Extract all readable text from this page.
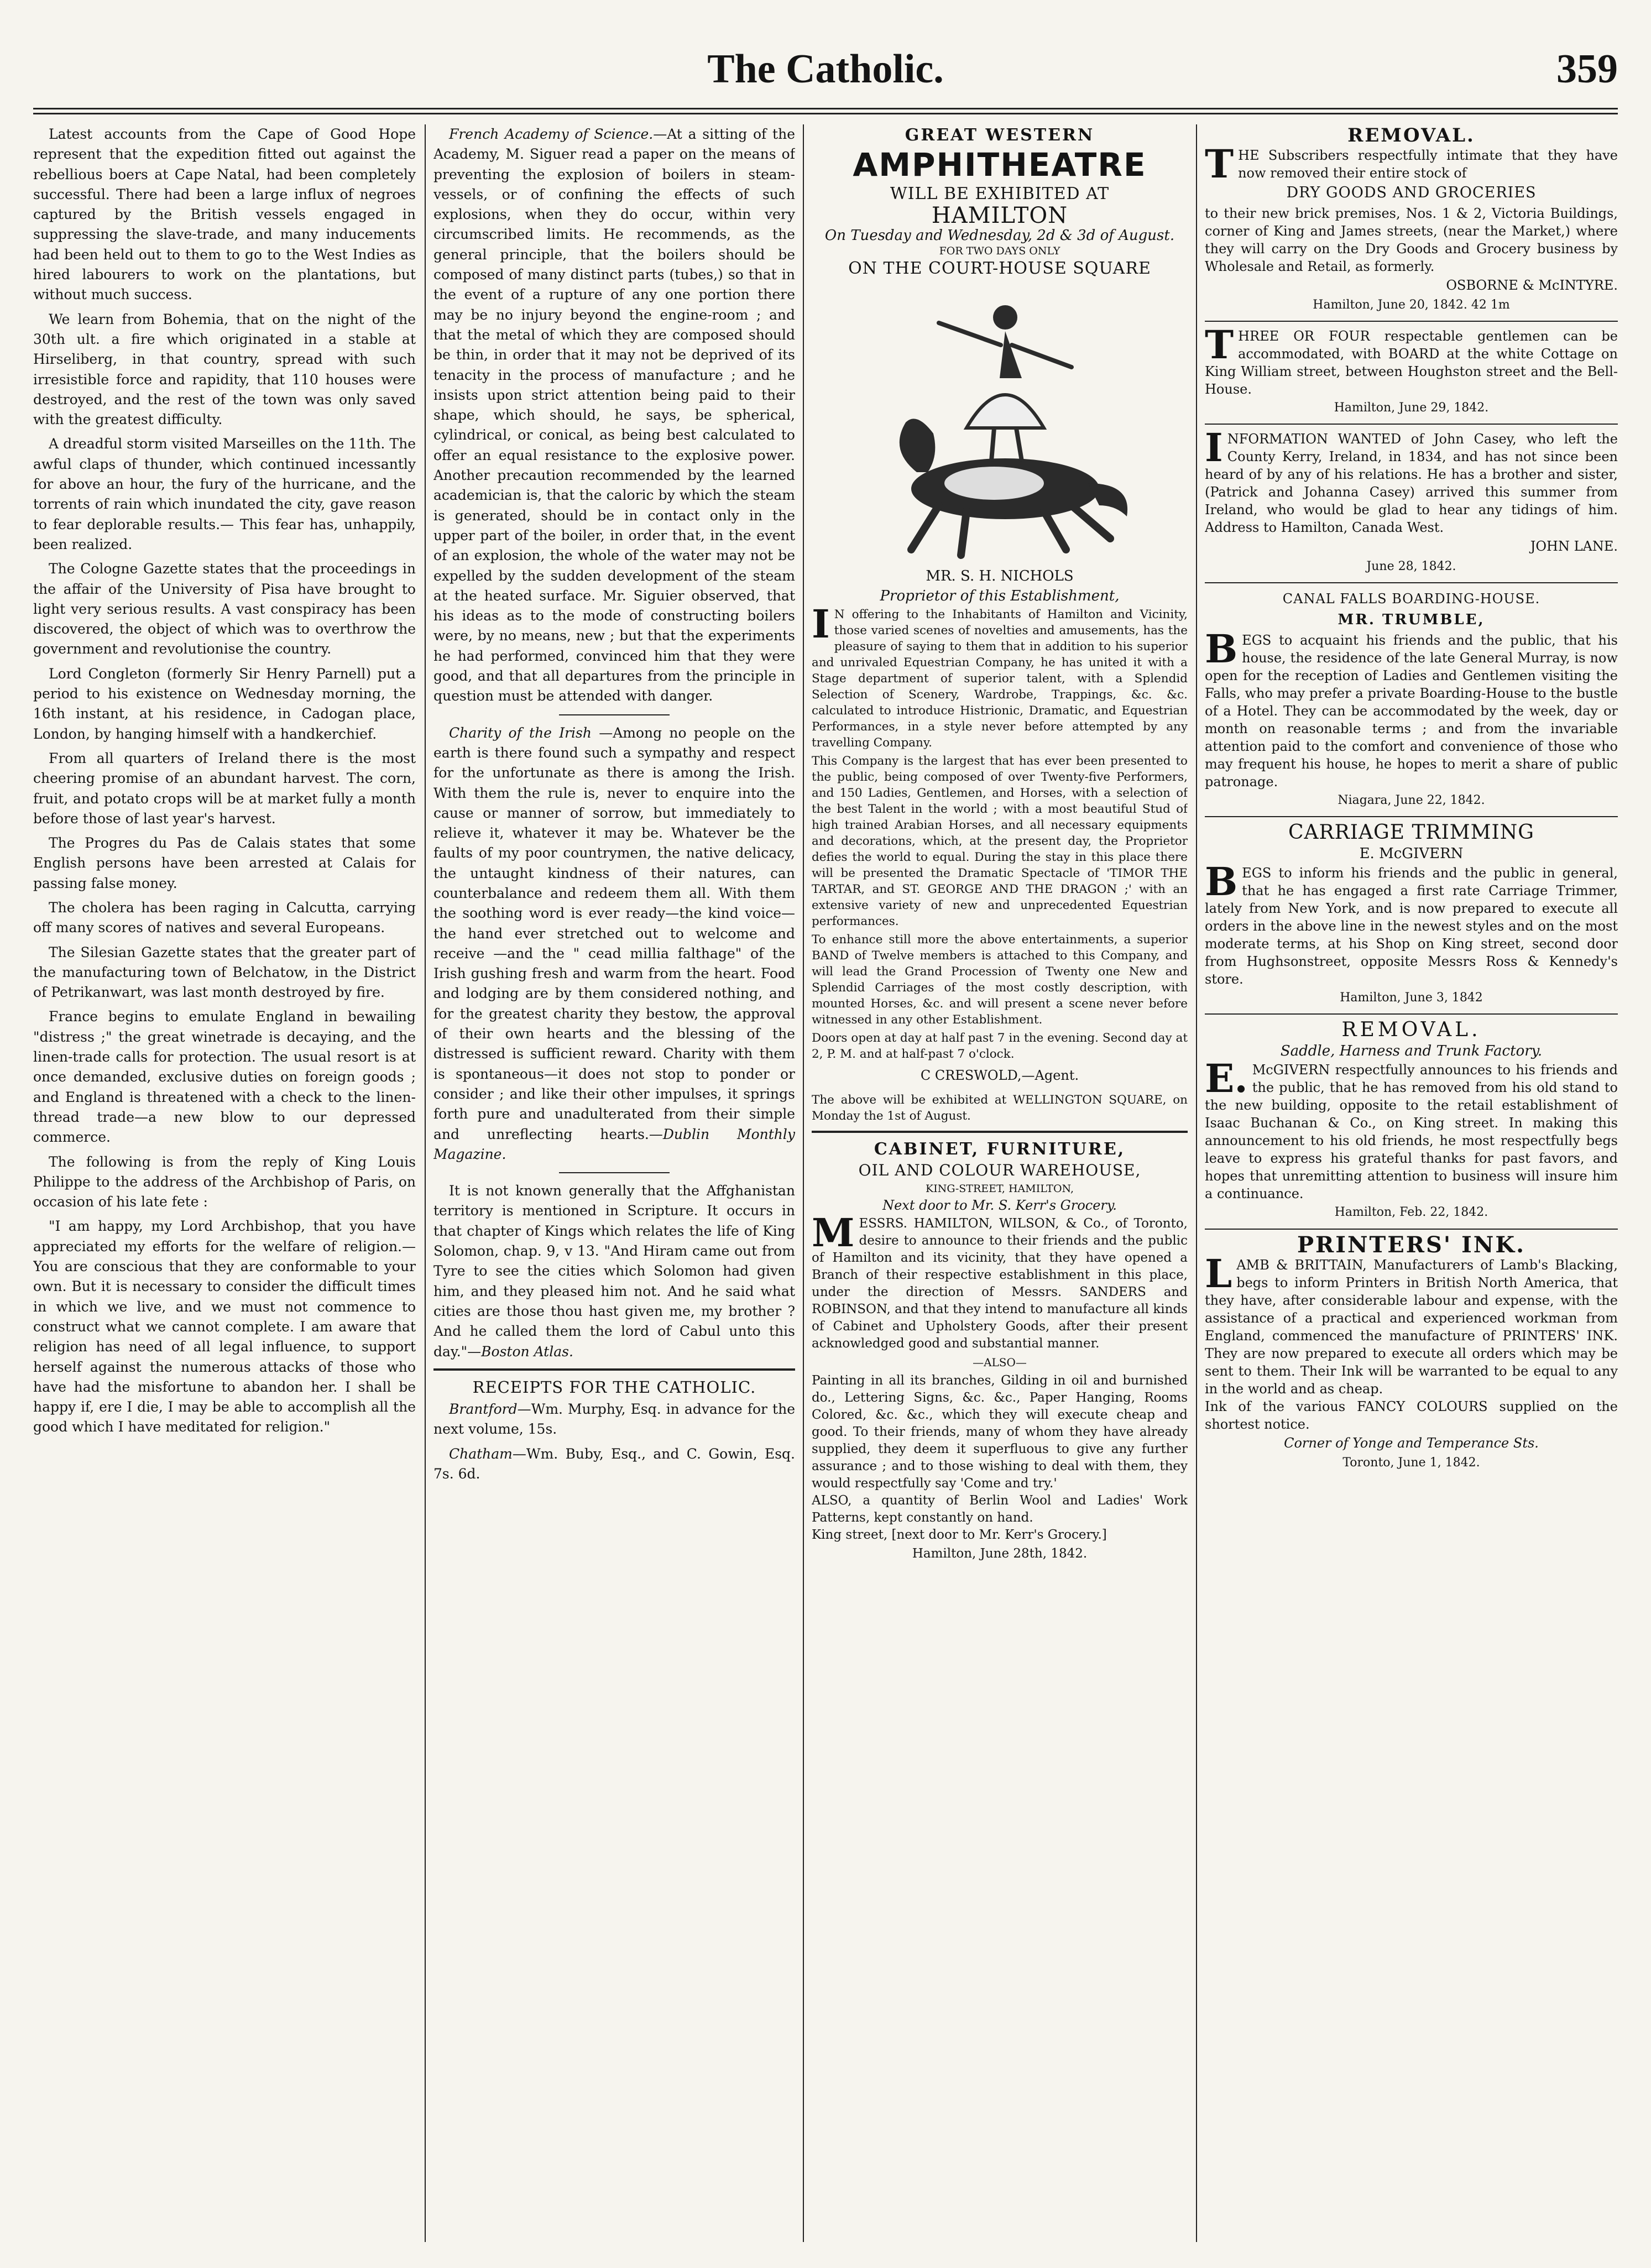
The Catholic.	359

Latest accounts from the Cape of Good Hope represent that the expedition fitted out against the rebellious boers at Cape Natal, had been completely successful. There had been a large influx of negroes captured by the British vessels engaged in suppressing the slave-trade, and many inducements had been held out to them to go to the West Indies as hired labourers to work on the plantations, but without much success.

We learn from Bohemia, that on the night of the 30th ult. a fire which originated in a stable at Hirseliberg, in that country, spread with such irresistible force and rapidity, that 110 houses were destroyed, and the rest of the town was only saved with the greatest difficulty.

A dreadful storm visited Marseilles on the 11th. The awful claps of thunder, which continued incessantly for above an hour, the fury of the hurricane, and the torrents of rain which inundated the city, gave reason to fear deplorable results.— This fear has, unhappily, been realized.

The Cologne Gazette states that the proceedings in the affair of the University of Pisa have brought to light very serious results. A vast conspiracy has been discovered, the object of which was to overthrow the government and revolutionise the country.

Lord Congleton (formerly Sir Henry Parnell) put a period to his existence on Wednesday morning, the 16th instant, at his residence, in Cadogan place, London, by hanging himself with a handkerchief.

From all quarters of Ireland there is the most cheering promise of an abundant harvest. The corn, fruit, and potato crops will be at market fully a month before those of last year's harvest.

The Progres du Pas de Calais states that some English persons have been arrested at Calais for passing false money.

The cholera has been raging in Calcutta, carrying off many scores of natives and several Europeans.

The Silesian Gazette states that the greater part of the manufacturing town of Belchatow, in the District of Petrikanwart, was last month destroyed by fire.

France begins to emulate England in bewailing "distress ;" the great winetrade is decaying, and the linen-trade calls for protection. The usual resort is at once demanded, exclusive duties on foreign goods ; and England is threatened with a check to the linen-thread trade—a new blow to our depressed commerce.

The following is from the reply of King Louis Philippe to the address of the Archbishop of Paris, on occasion of his late fete :

"I am happy, my Lord Archbishop, that you have appreciated my efforts for the welfare of religion.—You are conscious that they are conformable to your own. But it is necessary to consider the difficult times in which we live, and we must not commence to construct what we cannot complete. I am aware that religion has need of all legal influence, to support herself against the numerous attacks of those who have had the misfortune to abandon her. I shall be happy if, ere I die, I may be able to accomplish all the good which I have meditated for religion."

French Academy of Science.—At a sitting of the Academy, M. Siguer read a paper on the means of preventing the explosion of boilers in steam-vessels, or of confining the effects of such explosions, when they do occur, within very circumscribed limits. He recommends, as the general principle, that the boilers should be composed of many distinct parts (tubes,) so that in the event of a rupture of any one portion there may be no injury beyond the engine-room ; and that the metal of which they are composed should be thin, in order that it may not be deprived of its tenacity in the process of manufacture ; and he insists upon strict attention being paid to their shape, which should, he says, be spherical, cylindrical, or conical, as being best calculated to offer an equal resistance to the explosive power. Another precaution recommended by the learned academician is, that the caloric by which the steam is generated, should be in contact only in the upper part of the boiler, in order that, in the event of an explosion, the whole of the water may not be expelled by the sudden development of the steam at the heated surface. Mr. Siguier observed, that his ideas as to the mode of constructing boilers were, by no means, new ; but that the experiments he had performed, convinced him that they were good, and that all departures from the principle in question must be attended with danger.

Charity of the Irish —Among no people on the earth is there found such a sympathy and respect for the unfortunate as there is among the Irish. With them the rule is, never to enquire into the cause or manner of sorrow, but immediately to relieve it, whatever it may be. Whatever be the faults of my poor countrymen, the native delicacy, the untaught kindness of their natures, can counterbalance and redeem them all. With them the soothing word is ever ready—the kind voice—the hand ever stretched out to welcome and receive —and the " cead millia falthage" of the Irish gushing fresh and warm from the heart. Food and lodging are by them considered nothing, and for the greatest charity they bestow, the approval of their own hearts and the blessing of the distressed is sufficient reward. Charity with them is spontaneous—it does not stop to ponder or consider ; and like their other impulses, it springs forth pure and unadulterated from their simple and unreflecting hearts.—Dublin Monthly Magazine.

It is not known generally that the Affghanistan territory is mentioned in Scripture. It occurs in that chapter of Kings which relates the life of King Solomon, chap. 9, v 13. "And Hiram came out from Tyre to see the cities which Solomon had given him, and they pleased him not. And he said what cities are those thou hast given me, my brother ? And he called them the lord of Cabul unto this day."—Boston Atlas.

RECEIPTS FOR THE CATHOLIC.

Brantford—Wm. Murphy, Esq. in advance for the next volume, 15s.

Chatham—Wm. Buby, Esq., and C. Gowin, Esq. 7s. 6d.

GREAT WESTERN
AMPHITHEATRE
WILL BE EXHIBITED AT
HAMILTON
On Tuesday and Wednesday, 2d & 3d of August.
FOR TWO DAYS ONLY
ON THE COURT-HOUSE SQUARE
MR. S. H. NICHOLS
Proprietor of this Establishment,
I N offering to the Inhabitants of Hamilton and Vicinity, those varied scenes of novelties and amusements, has the pleasure of saying to them that in addition to his superior and unrivaled Equestrian Company, he has united it with a Stage department of superior talent, with a Splendid Selection of Scenery, Wardrobe, Trappings, &c. &c. calculated to introduce Histrionic, Dramatic, and Equestrian Performances, in a style never before attempted by any travelling Company.
This Company is the largest that has ever been presented to the public, being composed of over Twenty-five Performers, and 150 Ladies, Gentlemen, and Horses, with a selection of the best Talent in the world ; with a most beautiful Stud of high trained Arabian Horses, and all necessary equipments and decorations, which, at the present day, the Proprietor defies the world to equal. During the stay in this place there will be presented the Dramatic Spectacle of 'TIMOR THE TARTAR, and ST. GEORGE AND THE DRAGON ;' with an extensive variety of new and unprecedented Equestrian performances.
To enhance still more the above entertainments, a superior BAND of Twelve members is attached to this Company, and will lead the Grand Procession of Twenty one New and Splendid Carriages of the most costly description, with mounted Horses, &c. and will present a scene never before witnessed in any other Establishment.
Doors open at day at half past 7 in the evening. Second day at 2, P. M. and at half-past 7 o'clock.
C CRESWOLD,—Agent.
The above will be exhibited at WELLINGTON SQUARE, on Monday the 1st of August.
CABINET, FURNITURE,
OIL AND COLOUR WAREHOUSE,
KING-STREET, HAMILTON,
Next door to Mr. S. Kerr's Grocery.
MESSRS. HAMILTON, WILSON, & Co., of Toronto, desire to announce to their friends and the public of Hamilton and its vicinity, that they have opened a Branch of their respective establishment in this place, under the direction of Messrs. SANDERS and ROBINSON, and that they intend to manufacture all kinds of Cabinet and Upholstery Goods, after their present acknowledged good and substantial manner.
—ALSO—
Painting in all its branches, Gilding in oil and burnished do., Lettering Signs, &c. &c., Paper Hanging, Rooms Colored, &c. &c., which they will execute cheap and good. To their friends, many of whom they have already supplied, they deem it superfluous to give any further assurance ; and to those wishing to deal with them, they would respectfully say 'Come and try.'
ALSO, a quantity of Berlin Wool and Ladies' Work Patterns, kept constantly on hand.
King street, [next door to Mr. Kerr's Grocery.]
Hamilton, June 28th, 1842.
REMOVAL.
THE Subscribers respectfully intimate that they have now removed their entire stock of
DRY GOODS AND GROCERIES
to their new brick premises, Nos. 1 & 2, Victoria Buildings, corner of King and James streets, (near the Market,) where they will carry on the Dry Goods and Grocery business by Wholesale and Retail, as formerly.
OSBORNE & McINTYRE.
Hamilton, June 20, 1842. 42 1m
THREE OR FOUR respectable gentlemen can be accommodated, with BOARD at the white Cottage on King William street, between Houghston street and the Bell-House.
Hamilton, June 29, 1842.
INFORMATION WANTED of John Casey, who left the County Kerry, Ireland, in 1834, and has not since been heard of by any of his relations. He has a brother and sister, (Patrick and Johanna Casey) arrived this summer from Ireland, who would be glad to hear any tidings of him. Address to Hamilton, Canada West.
JOHN LANE.
June 28, 1842.
CANAL FALLS BOARDING-HOUSE.
MR. TRUMBLE,
BEGS to acquaint his friends and the public, that his house, the residence of the late General Murray, is now open for the reception of Ladies and Gentlemen visiting the Falls, who may prefer a private Boarding-House to the bustle of a Hotel. They can be accommodated by the week, day or month on reasonable terms ; and from the invariable attention paid to the comfort and convenience of those who may frequent his house, he hopes to merit a share of public patronage.
Niagara, June 22, 1842.
CARRIAGE TRIMMING
E. McGIVERN
BEGS to inform his friends and the public in general, that he has engaged a first rate Carriage Trimmer, lately from New York, and is now prepared to execute all orders in the above line in the newest styles and on the most moderate terms, at his Shop on King street, second door from Hughsonstreet, opposite Messrs Ross & Kennedy's store.
Hamilton, June 3, 1842
REMOVAL.
Saddle, Harness and Trunk Factory.
E. McGIVERN respectfully announces to his friends and the public, that he has removed from his old stand to the new building, opposite to the retail establishment of Isaac Buchanan & Co., on King street. In making this announcement to his old friends, he most respectfully begs leave to express his grateful thanks for past favors, and hopes that unremitting attention to business will insure him a continuance.
Hamilton, Feb. 22, 1842.
PRINTERS' INK.
LAMB & BRITTAIN, Manufacturers of Lamb's Blacking, begs to inform Printers in British North America, that they have, after considerable labour and expense, with the assistance of a practical and experienced workman from England, commenced the manufacture of PRINTERS' INK. They are now prepared to execute all orders which may be sent to them. Their Ink will be warranted to be equal to any in the world and as cheap.
Ink of the various FANCY COLOURS supplied on the shortest notice.
Corner of Yonge and Temperance Sts.
Toronto, June 1, 1842.
